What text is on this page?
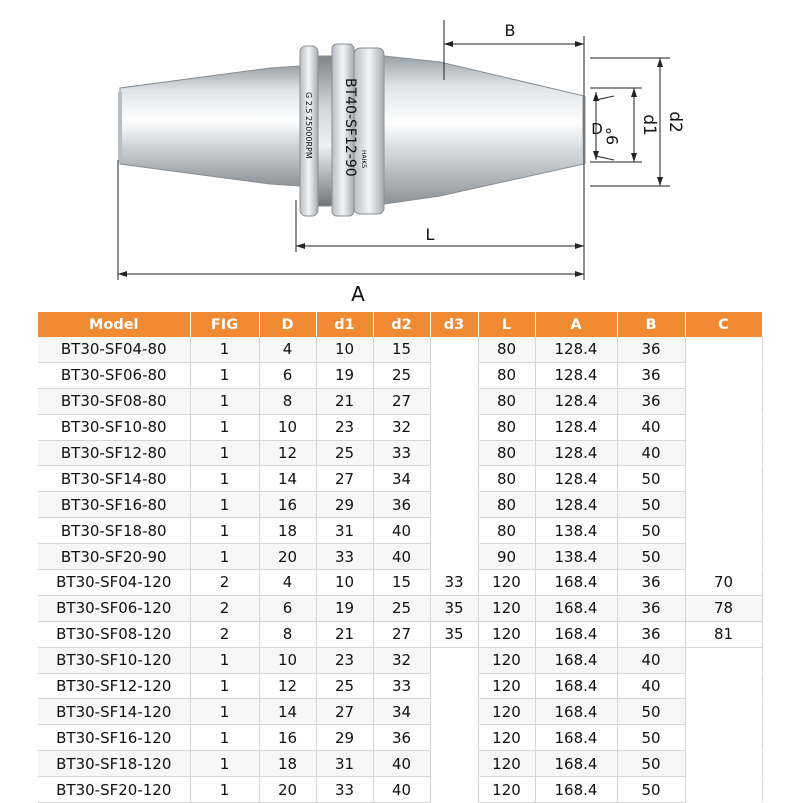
BT40-SF12-90
G 2.5 25000RPM
HAIKS
A
L
B
D 9°
d1 d2
Model	FIG	D	d1	d2	d3	L	A	B	C
BT30-SF04-80	1	4	10	15		80	128.4	36	
BT30-SF06-80	1	6	19	25		80	128.4	36	
BT30-SF08-80	1	8	21	27		80	128.4	36	
BT30-SF10-80	1	10	23	32		80	128.4	40	
BT30-SF12-80	1	12	25	33		80	128.4	40	
BT30-SF14-80	1	14	27	34		80	128.4	50	
BT30-SF16-80	1	16	29	36		80	128.4	50	
BT30-SF18-80	1	18	31	40		80	138.4	50	
BT30-SF20-90	1	20	33	40		90	138.4	50	
BT30-SF04-120	2	4	10	15	33	120	168.4	36	70
BT30-SF06-120	2	6	19	25	35	120	168.4	36	78
BT30-SF08-120	2	8	21	27	35	120	168.4	36	81
BT30-SF10-120	1	10	23	32		120	168.4	40	
BT30-SF12-120	1	12	25	33		120	168.4	40	
BT30-SF14-120	1	14	27	34		120	168.4	50	
BT30-SF16-120	1	16	29	36		120	168.4	50	
BT30-SF18-120	1	18	31	40		120	168.4	50	
BT30-SF20-120	1	20	33	40		120	168.4	50	
